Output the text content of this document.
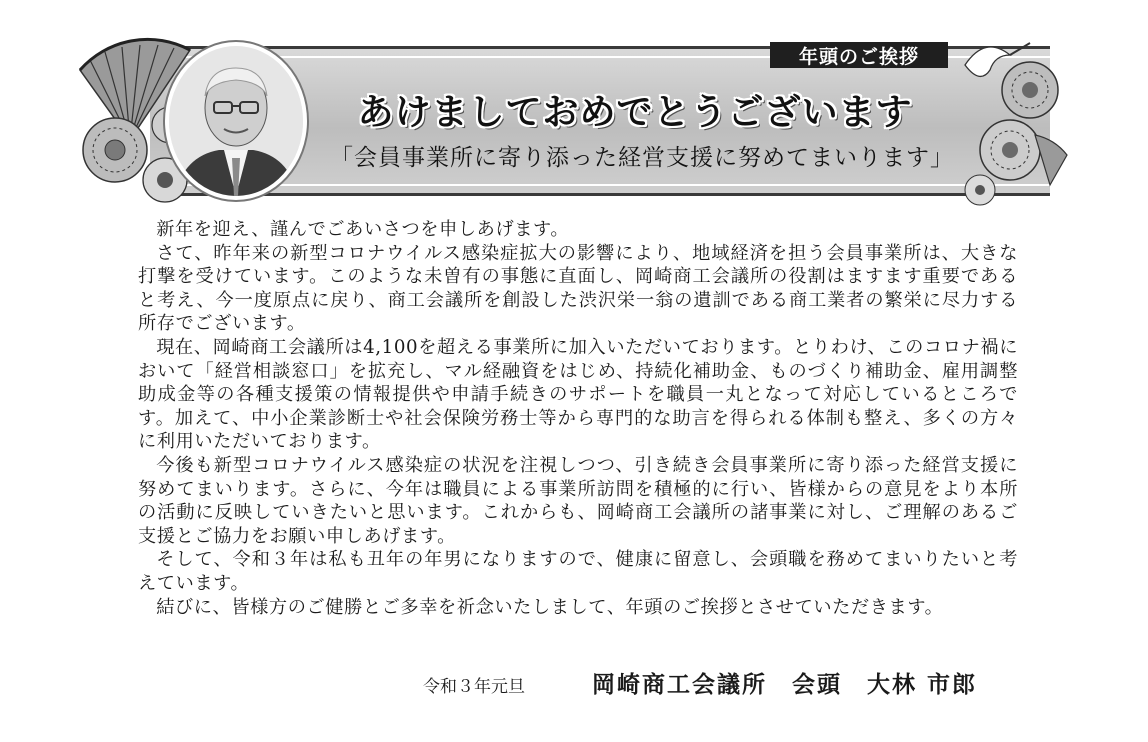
年頭のご挨拶
あけましておめでとうございます
「会員事業所に寄り添った経営支援に努めてまいります」

新年を迎え、謹んでごあいさつを申しあげます。

さて、昨年来の新型コロナウイルス感染症拡大の影響により、地域経済を担う会員事業所は、大きな打撃を受けています。このような未曽有の事態に直面し、岡崎商工会議所の役割はますます重要であると考え、今一度原点に戻り、商工会議所を創設した渋沢栄一翁の遺訓である商工業者の繁栄に尽力する所存でございます。

現在、岡崎商工会議所は4,100を超える事業所に加入いただいております。とりわけ、このコロナ禍において「経営相談窓口」を拡充し、マル経融資をはじめ、持続化補助金、ものづくり補助金、雇用調整助成金等の各種支援策の情報提供や申請手続きのサポートを職員一丸となって対応しているところです。加えて、中小企業診断士や社会保険労務士等から専門的な助言を得られる体制も整え、多くの方々に利用いただいております。

今後も新型コロナウイルス感染症の状況を注視しつつ、引き続き会員事業所に寄り添った経営支援に努めてまいります。さらに、今年は職員による事業所訪問を積極的に行い、皆様からの意見をより本所の活動に反映していきたいと思います。これからも、岡崎商工会議所の諸事業に対し、ご理解のあるご支援とご協力をお願い申しあげます。

そして、令和３年は私も丑年の年男になりますので、健康に留意し、会頭職を務めてまいりたいと考えています。

結びに、皆様方のご健勝とご多幸を祈念いたしまして、年頭のご挨拶とさせていただきます。

令和３年元旦	岡崎商工会議所　会頭　大林 市郎
